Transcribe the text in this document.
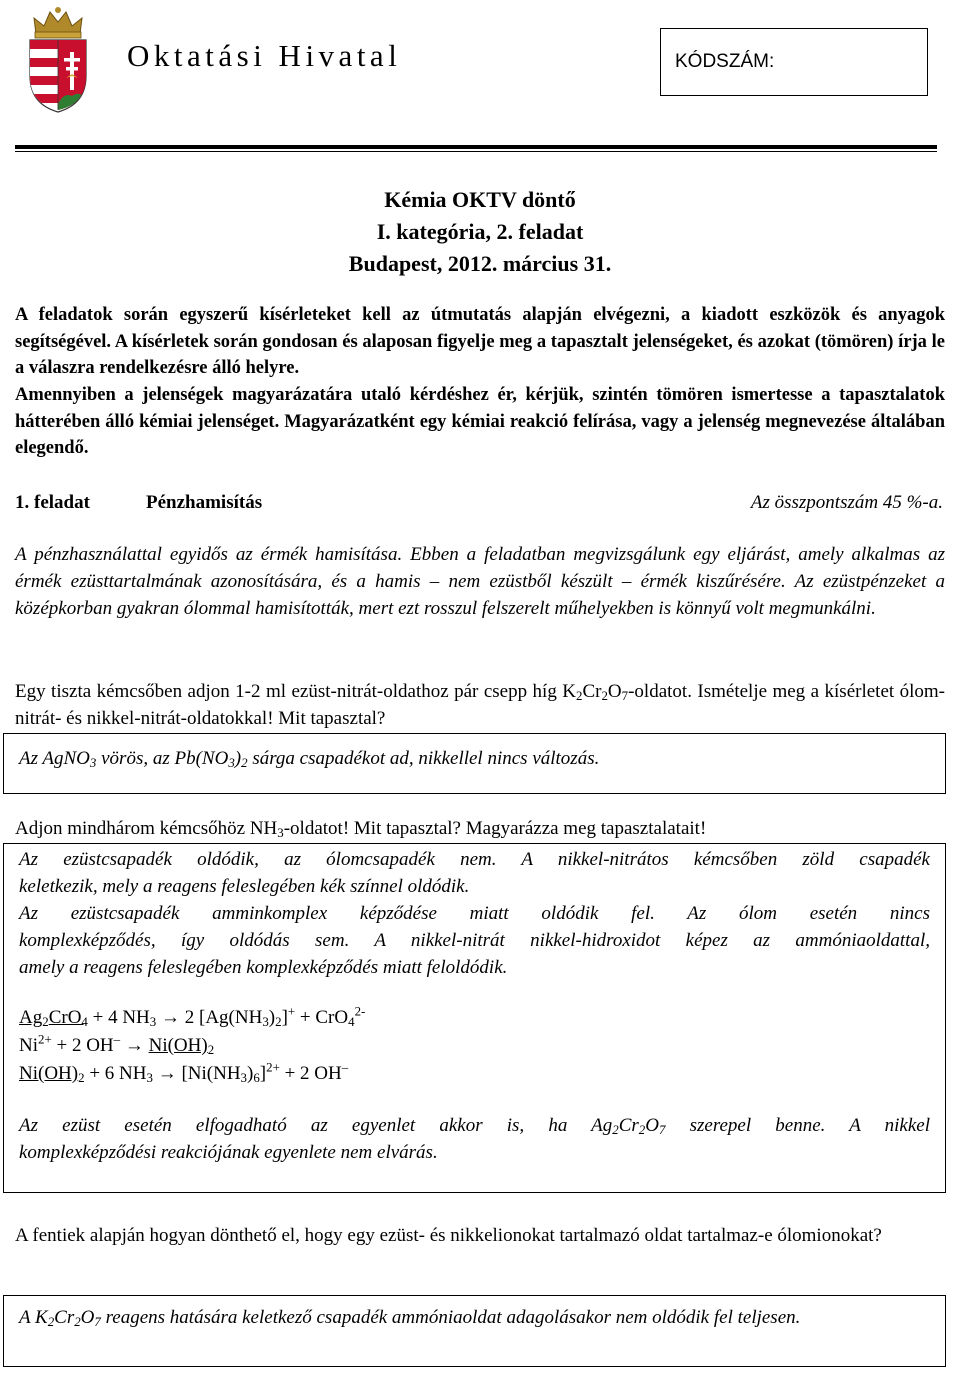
Oktatási Hivatal	KÓDSZÁM:
Kémia OKTV döntő
I. kategória, 2. feladat
Budapest, 2012. március 31.
A feladatok során egyszerű kísérleteket kell az útmutatás alapján elvégezni, a kiadott eszközök és anyagok segítségével. A kísérletek során gondosan és alaposan figyelje meg a tapasztalt jelenségeket, és azokat (tömören) írja le a válaszra rendelkezésre álló helyre.
Amennyiben a jelenségek magyarázatára utaló kérdéshez ér, kérjük, szintén tömören ismertesse a tapasztalatok hátterében álló kémiai jelenséget. Magyarázatként egy kémiai reakció felírása, vagy a jelenség megnevezése általában elegendő.
1. feladat	Pénzhamisítás	Az összpontszám 45 %-a.
A pénzhasználattal egyidős az érmék hamisítása. Ebben a feladatban megvizsgálunk egy eljárást, amely alkalmas az érmék ezüsttartalmának azonosítására, és a hamis – nem ezüstből készült – érmék kiszűrésére. Az ezüstpénzeket a középkorban gyakran ólommal hamisították, mert ezt rosszul felszerelt műhelyekben is könnyű volt megmunkálni.
Egy tiszta kémcsőben adjon 1-2 ml ezüst-nitrát-oldathoz pár csepp híg $K_2Cr_2O_7$-oldatot. Ismételje meg a kísérletet ólom-nitrát- és nikkel-nitrát-oldatokkal! Mit tapasztal?
Az AgNO$_3$ vörös, az $Pb(NO_3)_2$ sárga csapadékot ad, nikkellel nincs változás.
Adjon mindhárom kémcsőhöz $NH_3$-oldatot! Mit tapasztal? Magyarázza meg tapasztalatait!
Az ezüstcsapadék oldódik, az ólomcsapadék nem. A nikkel-nitrátos kémcsőben zöld csapadék
keletkezik, mely a reagens feleslegében kék színnel oldódik.
Az ezüstcsapadék amminkomplex képződése miatt oldódik fel. Az ólom esetén nincs
komplexképződés, így oldódás sem. A nikkel-nitrát nikkel-hidroxidot képez az ammóniaoldattal,
amely a reagens feleslegében komplexképződés miatt feloldódik.
$Ag_2CrO_4 + 4$ $NH_3 \to 2$ $[Ag(NH_3)_2]^+ + CrO_4^{2-}$
$Ni^{2+} + 2$ $OH^- \to Ni(OH)_2$
$Ni(OH)_2 + 6$ $NH_3 \to [Ni(NH_3)_6]^{2+} + 2$ OH–
Az ezüst esetén elfogadható az egyenlet akkor is, ha $Ag_2Cr_2O_7$ szerepel benne. A nikkel
komplexképződési reakciójának egyenlete nem elvárás.
A fentiek alapján hogyan dönthető el, hogy egy ezüst- és nikkelionokat tartalmazó oldat tartalmaz-e ólomionokat?
A $K_2Cr_2O_7$ reagens hatására keletkező csapadék ammóniaoldat adagolásakor nem oldódik fel teljesen.
